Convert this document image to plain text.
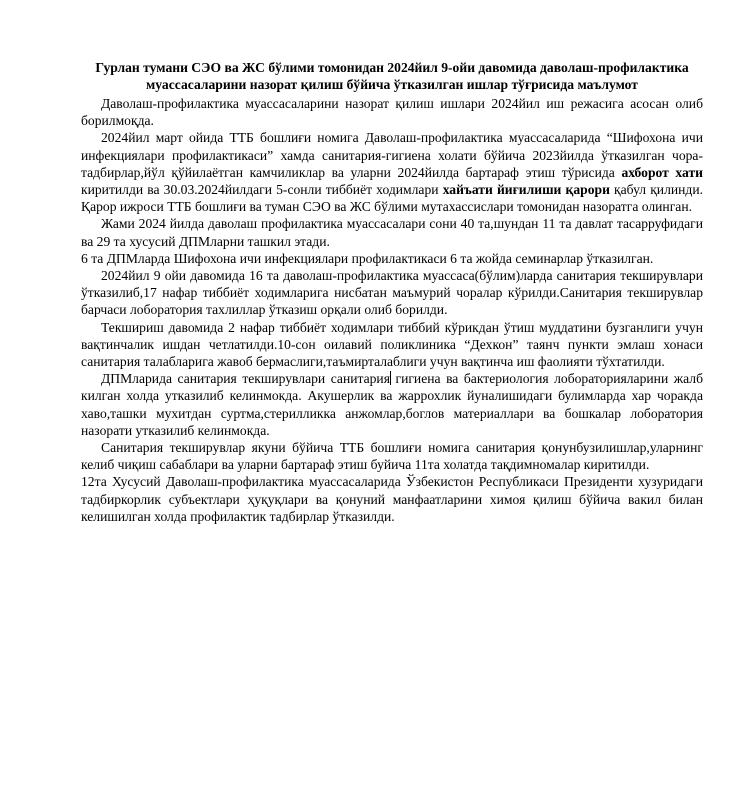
Гурлан тумани СЭО ва ЖС бўлими томонидан 2024йил 9-ойи давомида даволаш-профилактика муассасаларини назорат қилиш бўйича ўтказилган ишлар тўғрисида маълумот

Даволаш-профилактика муассасаларини назорат қилиш ишлари 2024йил иш режасига асосан олиб борилмоқда.

2024йил март ойида ТТБ бошлиғи номига Даволаш-профилактика муассасаларида “Шифохона ичи инфекциялари профилактикаси” хамда санитария-гигиена холати бўйича 2023йилда ўтказилган чора-тадбирлар,йўл қўйилаётган камчиликлар ва уларни 2024йилда бартараф этиш тўрисида ахборот хати киритилди ва 30.03.2024йилдаги 5-сонли тиббиёт ходимлари хайъати йиғилиши қарори қабул қилинди. Қарор ижроси ТТБ бошлиғи ва туман СЭО ва ЖС бўлими мутахассислари томонидан назоратга олинган.

Жами 2024 йилда даволаш профилактика муассасалари сони 40 та,шундан 11 та давлат тасарруфидаги ва 29 та хусусий ДПМларни ташкил этади.

6 та ДПМларда Шифохона ичи инфекциялари профилактикаси 6 та жойда семинарлар ўтказилган.

2024йил 9 ойи давомида 16 та даволаш-профилактика муассаса(бўлим)ларда санитария текширувлари ўтказилиб,17 нафар тиббиёт ходимларига нисбатан маъмурий чоралар кўрилди.Санитария текширувлар барчаси лоборатория тахлиллар ўтказиш орқали олиб борилди.

Текшириш давомида 2 нафар тиббиёт ходимлари тиббий кўрикдан ўтиш муддатини бузганлиги учун вақтинчалик ишдан четлатилди.10-сон оилавий поликлиника “Дехкон” таянч пункти эмлаш хонаси санитария талабларига жавоб бермаслиги,таъмирталаблиги учун вақтинча иш фаолияти тўхтатилди.

ДПМларида санитария текширувлари санитария гигиена ва бактериология лобораторияларини жалб килган холда утказилиб келинмокда. Акушерлик ва жаррохлик йуналишидаги булимларда хар чоракда хаво,ташки мухитдан суртма,стерилликка анжомлар,боглов материаллари ва бошкалар лоборатория назорати утказилиб келинмокда.

Санитария текширувлар якуни бўйича ТТБ бошлиғи номига санитария қонунбузилишлар,уларнинг келиб чиқиш сабаблари ва уларни бартараф этиш буйича 11та холатда тақдимномалар киритилди.

12та Хусусий Даволаш-профилактика муассасаларида Ўзбекистон Республикаси Президенти хузуридаги тадбиркорлик субъектлари ҳуқуқлари ва қонуний манфаатларини химоя қилиш бўйича вакил билан келишилган холда профилактик тадбирлар ўтказилди.
